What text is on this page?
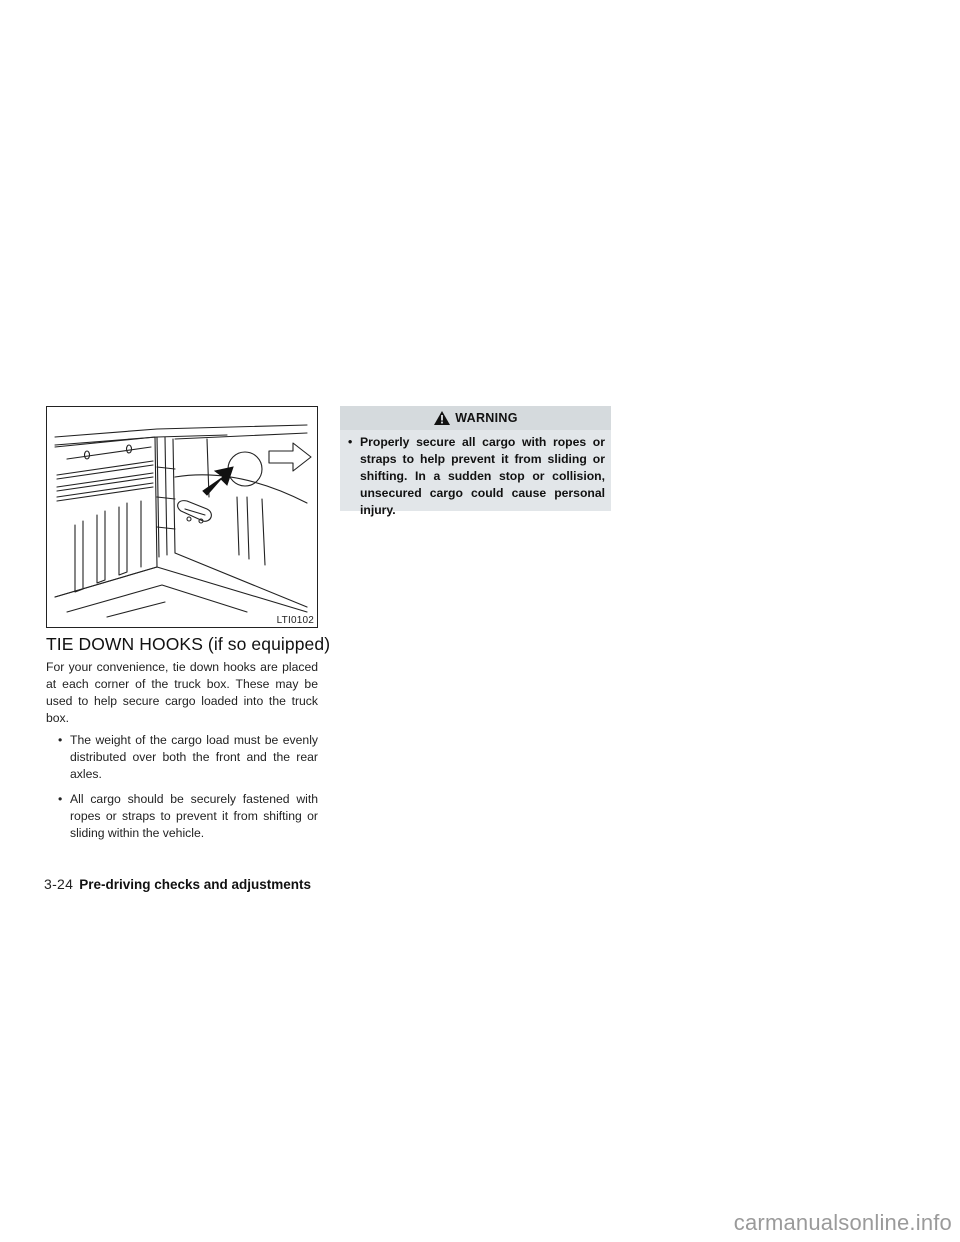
LTI0102
TIE DOWN HOOKS (if so equipped)

For your convenience, tie down hooks are placed at each corner of the truck box. These may be used to help secure cargo loaded into the truck box.

• The weight of the cargo load must be evenly distributed over both the front and the rear axles.
• All cargo should be securely fastened with ropes or straps to prevent it from shifting or sliding within the vehicle.
WARNING
• Properly secure all cargo with ropes or straps to help prevent it from sliding or shifting. In a sudden stop or collision, unsecured cargo could cause personal injury.
3-24 Pre-driving checks and adjustments
carmanualsonline.info
